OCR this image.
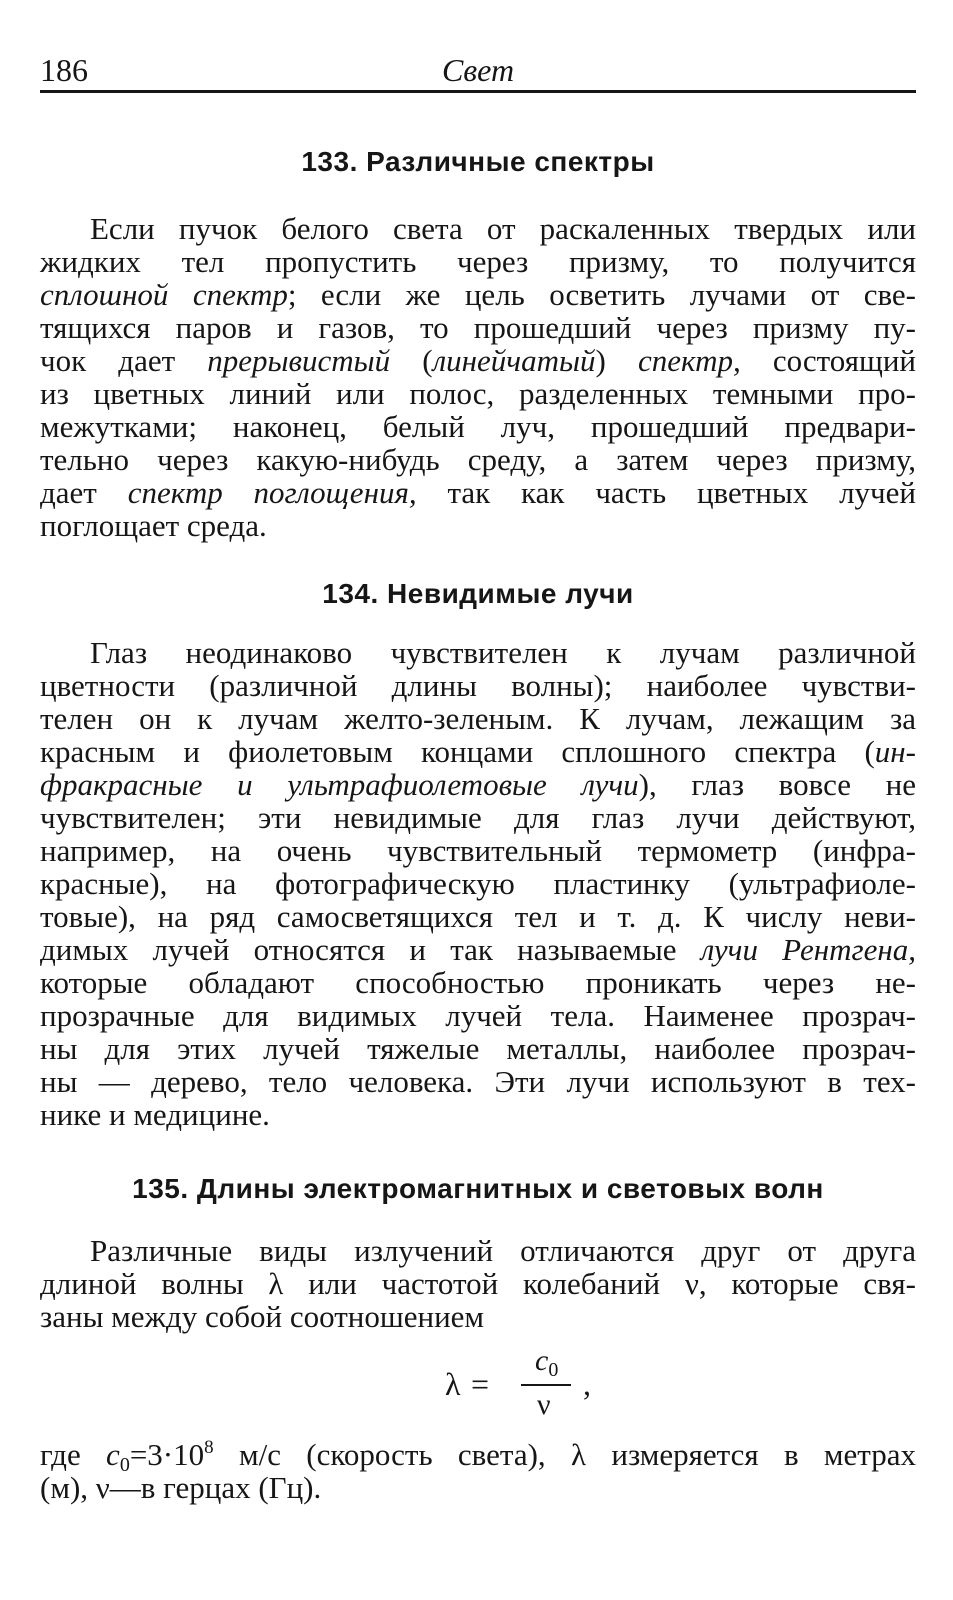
186	Свет
133. Различные спектры
Если пучок белого света от раскаленных твердых или
жидких тел пропустить через призму, то получится
сплошной спектр; если же цель осветить лучами от све-
тящихся паров и газов, то прошедший через призму пу-
чок дает прерывистый (линейчатый) спектр, состоящий
из цветных линий или полос, разделенных темными про-
межутками; наконец, белый луч, прошедший предвари-
тельно через какую-нибудь среду, а затем через призму,
дает спектр поглощения, так как часть цветных лучей
поглощает среда.
134. Невидимые лучи
Глаз неодинаково чувствителен к лучам различной
цветности (различной длины волны); наиболее чувстви-
телен он к лучам желто-зеленым. К лучам, лежащим за
красным и фиолетовым концами сплошного спектра (ин-
фракрасные и ультрафиолетовые лучи), глаз вовсе не
чувствителен; эти невидимые для глаз лучи действуют,
например, на очень чувствительный термометр (инфра-
красные), на фотографическую пластинку (ультрафиоле-
товые), на ряд самосветящихся тел и т. д. К числу неви-
димых лучей относятся и так называемые лучи Рентгена,
которые обладают способностью проникать через не-
прозрачные для видимых лучей тела. Наименее прозрач-
ны для этих лучей тяжелые металлы, наиболее прозрач-
ны — дерево, тело человека. Эти лучи используют в тех-
нике и медицине.
135. Длины электромагнитных и световых волн
Различные виды излучений отличаются друг от друга
длиной волны λ или частотой колебаний ν, которые свя-
заны между собой соотношением
λ =
$c_0$
ν
,
где $c_0=3\cdot 10^8$ м/с (скорость света), λ измеряется в метрах
(м), ν—в герцах (Гц).
